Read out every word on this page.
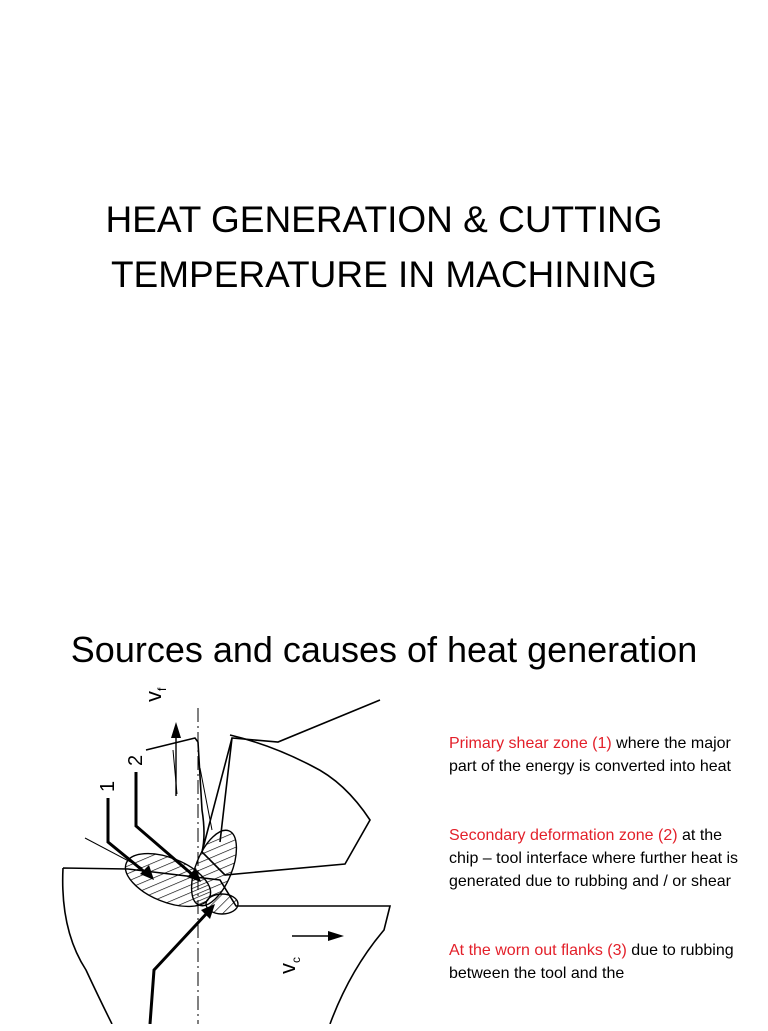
HEAT GENERATION & CUTTING
TEMPERATURE IN MACHINING
Sources and causes of heat generation
$v_f$
$v_c$
1
2

Primary shear zone (1) where the major part of the energy is converted into heat

Secondary deformation zone (2) at the chip – tool interface where further heat is generated due to rubbing and / or shear

At the worn out flanks (3) due to rubbing between the tool and the
